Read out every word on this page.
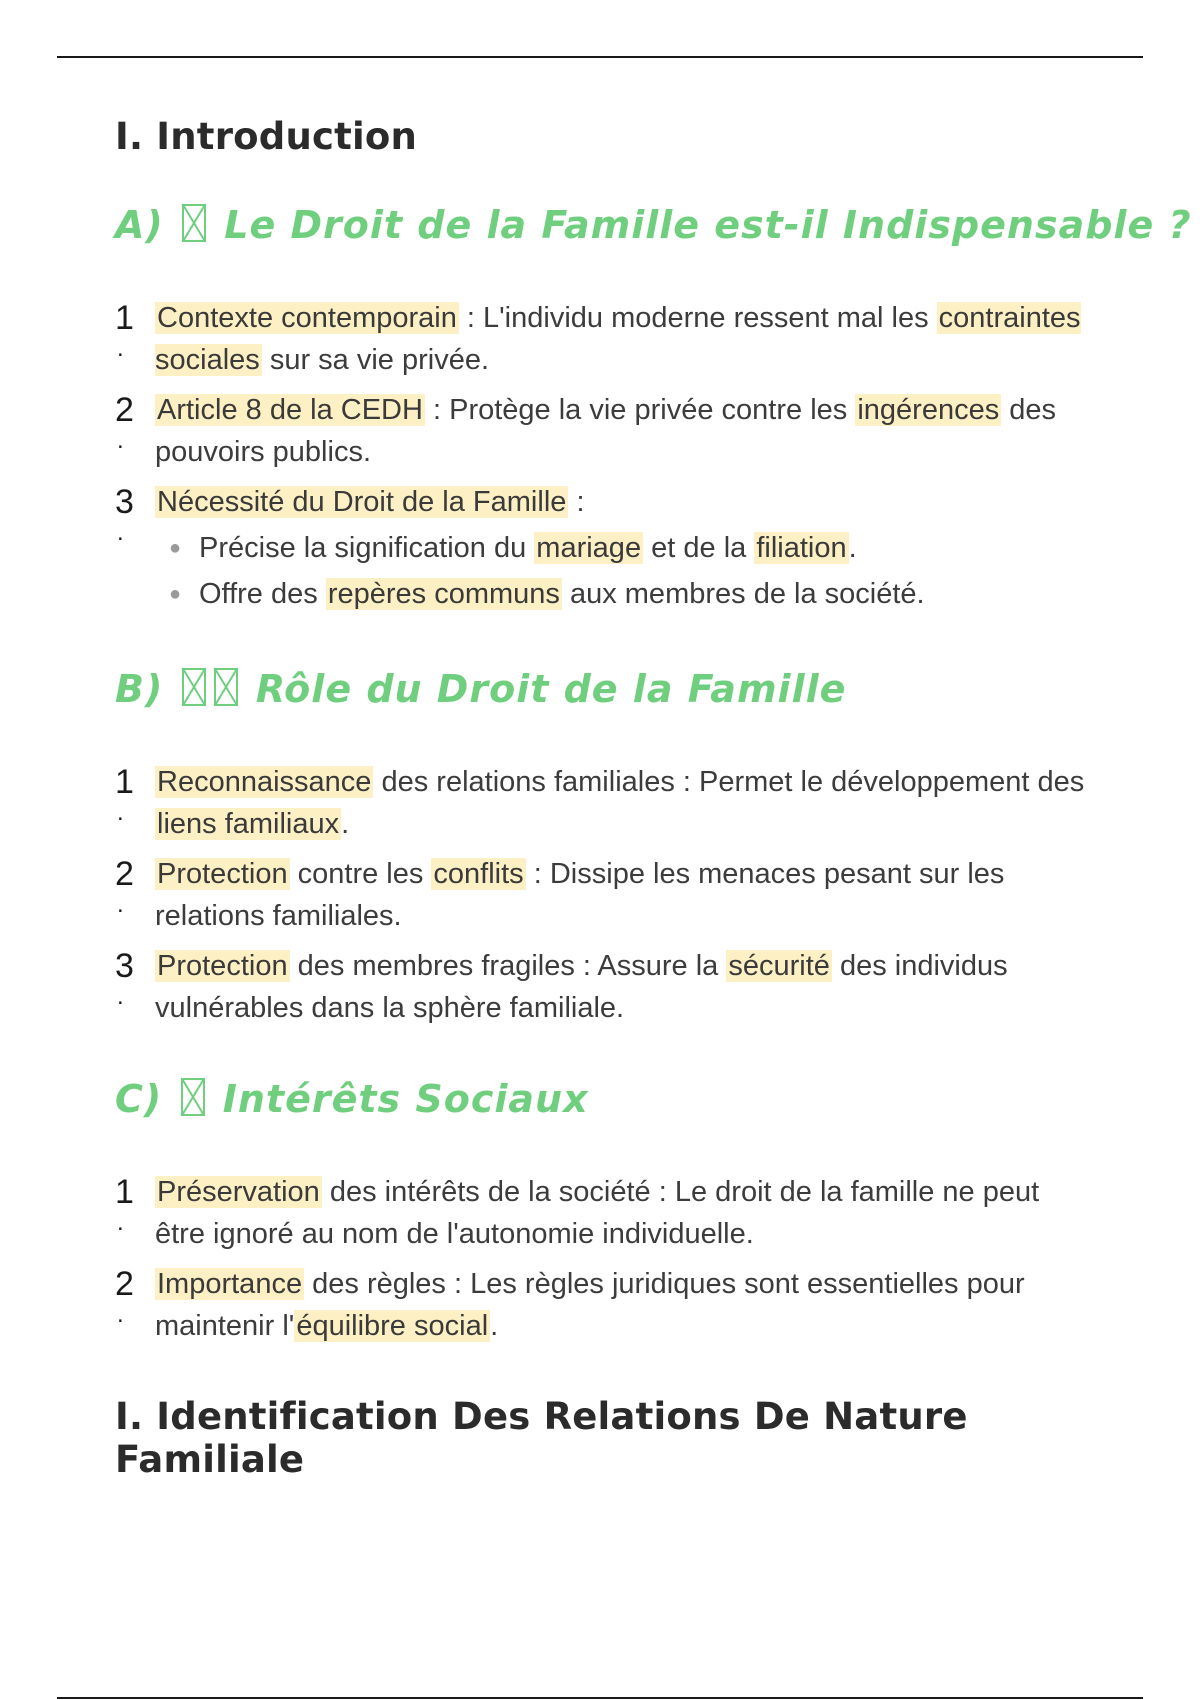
I. Introduction
A) Le Droit de la Famille est-il Indispensable ?
1
.
Contexte contemporain : L'individu moderne ressent mal les contraintes sociales sur sa vie privée.
2
.
Article 8 de la CEDH : Protège la vie privée contre les ingérences des pouvoirs publics.
3
.
Nécessité du Droit de la Famille :
● Précise la signification du mariage et de la filiation.
● Offre des repères communs aux membres de la société.
B) Rôle du Droit de la Famille
1
.
Reconnaissance des relations familiales : Permet le développement des liens familiaux.
2
.
Protection contre les conflits : Dissipe les menaces pesant sur les relations familiales.
3
.
Protection des membres fragiles : Assure la sécurité des individus vulnérables dans la sphère familiale.
C) Intérêts Sociaux
1
.
Préservation des intérêts de la société : Le droit de la famille ne peut être ignoré au nom de l'autonomie individuelle.
2
.
Importance des règles : Les règles juridiques sont essentielles pour maintenir l'équilibre social.
I. Identification Des Relations De Nature Familiale
